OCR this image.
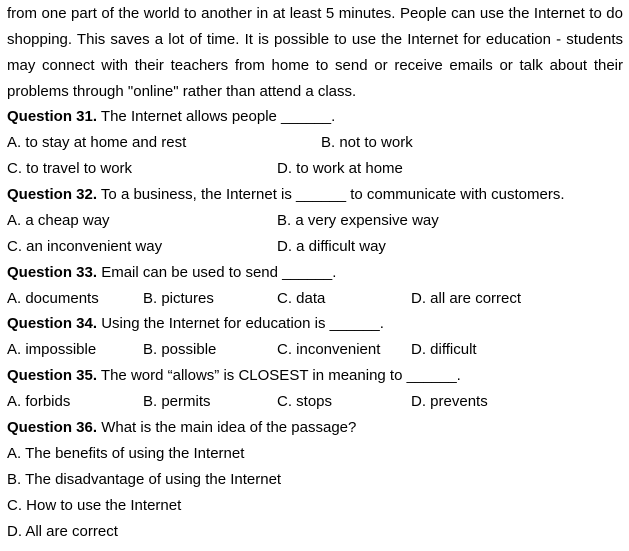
from one part of the world to another in at least 5 minutes. People can use the Internet to do
shopping. This saves a lot of time. It is possible to use the Internet for education - students
may connect with their teachers from home to send or receive emails or talk about their
problems through "online" rather than attend a class.
Question 31. The Internet allows people ______.
A. to stay at home and rest	B. not to work
C. to travel to work	D. to work at home
Question 32. To a business, the Internet is ______ to communicate with customers.
A. a cheap way	B. a very expensive way
C. an inconvenient way	D. a difficult way
Question 33. Email can be used to send ______.
A. documents	B. pictures	C. data	D. all are correct
Question 34. Using the Internet for education is ______.
A. impossible	B. possible	C. inconvenient D. difficult
Question 35. The word “allows” is CLOSEST in meaning to ______.
A. forbids	B. permits	C. stops	D. prevents
Question 36. What is the main idea of the passage?
A. The benefits of using the Internet
B. The disadvantage of using the Internet
C. How to use the Internet
D. All are correct
